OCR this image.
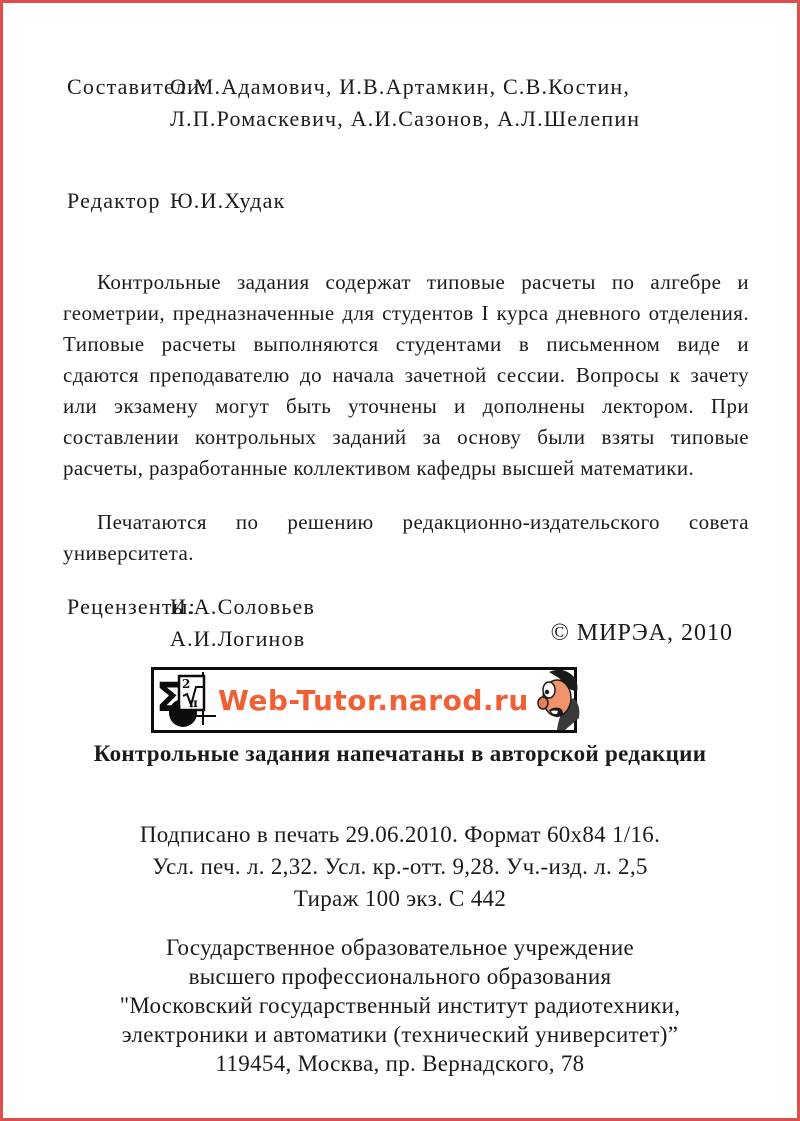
Составители:
О.М.Адамович, И.В.Артамкин, С.В.Костин,
Л.П.Ромаскевич, А.И.Сазонов, А.Л.Шелепин
Редактор Ю.И.Худак

Контрольные задания содержат типовые расчеты по алгебре и геометрии, предназначенные для студентов I курса дневного отделения. Типовые расчеты выполняются студентами в письменном виде и сдаются преподавателю до начала зачетной сессии. Вопросы к зачету или экзамену могут быть уточнены и дополнены лектором. При составлении контрольных заданий за основу были взяты типовые расчеты, разработанные коллективом кафедры высшей математики.

Печатаются по решению редакционно-издательского совета университета.

Рецензенты:
И.А.Соловьев
А.И.Логинов	© МИРЭА, 2010
2
π
Σ Web-Tutor.narod.ru
Контрольные задания напечатаны в авторской редакции
Подписано в печать 29.06.2010. Формат 60х84 1/16.
Усл. печ. л. 2,32. Усл. кр.-отт. 9,28. Уч.-изд. л. 2,5
Тираж 100 экз. С 442
Государственное образовательное учреждение
высшего профессионального образования
"Московский государственный институт радиотехники,
электроники и автоматики (технический университет)”
119454, Москва, пр. Вернадского, 78
